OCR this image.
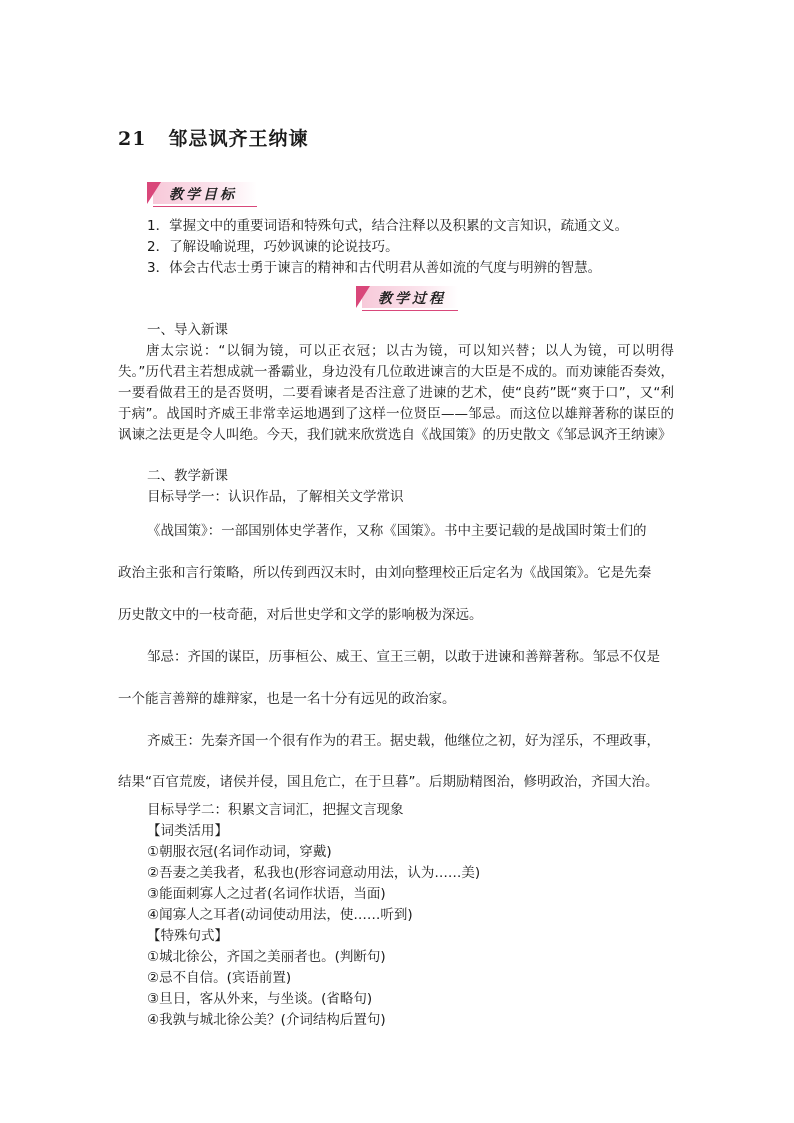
21 邹忌讽齐王纳谏
教学目标
1．掌握文中的重要词语和特殊句式，结合注释以及积累的文言知识，疏通文义。
2．了解设喻说理，巧妙讽谏的论说技巧。
3．体会古代志士勇于谏言的精神和古代明君从善如流的气度与明辨的智慧。
教学过程
一、导入新课
唐太宗说：“以铜为镜，可以正衣冠；以古为镜，可以知兴替；以人为镜，可以明得失。”历代君主若想成就一番霸业，身边没有几位敢进谏言的大臣是不成的。而劝谏能否奏效，一要看做君王的是否贤明，二要看谏者是否注意了进谏的艺术，使“良药”既“爽于口”，又“利于病”。战国时齐威王非常幸运地遇到了这样一位贤臣——邹忌。而这位以雄辩著称的谋臣的讽谏之法更是令人叫绝。今天，我们就来欣赏选自《战国策》的历史散文《邹忌讽齐王纳谏》
二、教学新课
目标导学一：认识作品，了解相关文学常识
《战国策》：一部国别体史学著作，又称《国策》。书中主要记载的是战国时策士们的
政治主张和言行策略，所以传到西汉末时，由刘向整理校正后定名为《战国策》。它是先秦
历史散文中的一枝奇葩，对后世史学和文学的影响极为深远。
邹忌：齐国的谋臣，历事桓公、威王、宣王三朝，以敢于进谏和善辩著称。邹忌不仅是
一个能言善辩的雄辩家，也是一名十分有远见的政治家。
齐威王：先秦齐国一个很有作为的君王。据史载，他继位之初，好为淫乐，不理政事，
结果“百官荒废，诸侯并侵，国且危亡，在于旦暮”。后期励精图治，修明政治，齐国大治。
目标导学二：积累文言词汇，把握文言现象
【词类活用】
①朝服衣冠(名词作动词，穿戴)
②吾妻之美我者，私我也(形容词意动用法，认为……美)
③能面刺寡人之过者(名词作状语，当面)
④闻寡人之耳者(动词使动用法，使……听到)
【特殊句式】
①城北徐公，齐国之美丽者也。(判断句)
②忌不自信。(宾语前置)
③旦日，客从外来，与坐谈。(省略句)
④我孰与城北徐公美？(介词结构后置句)
